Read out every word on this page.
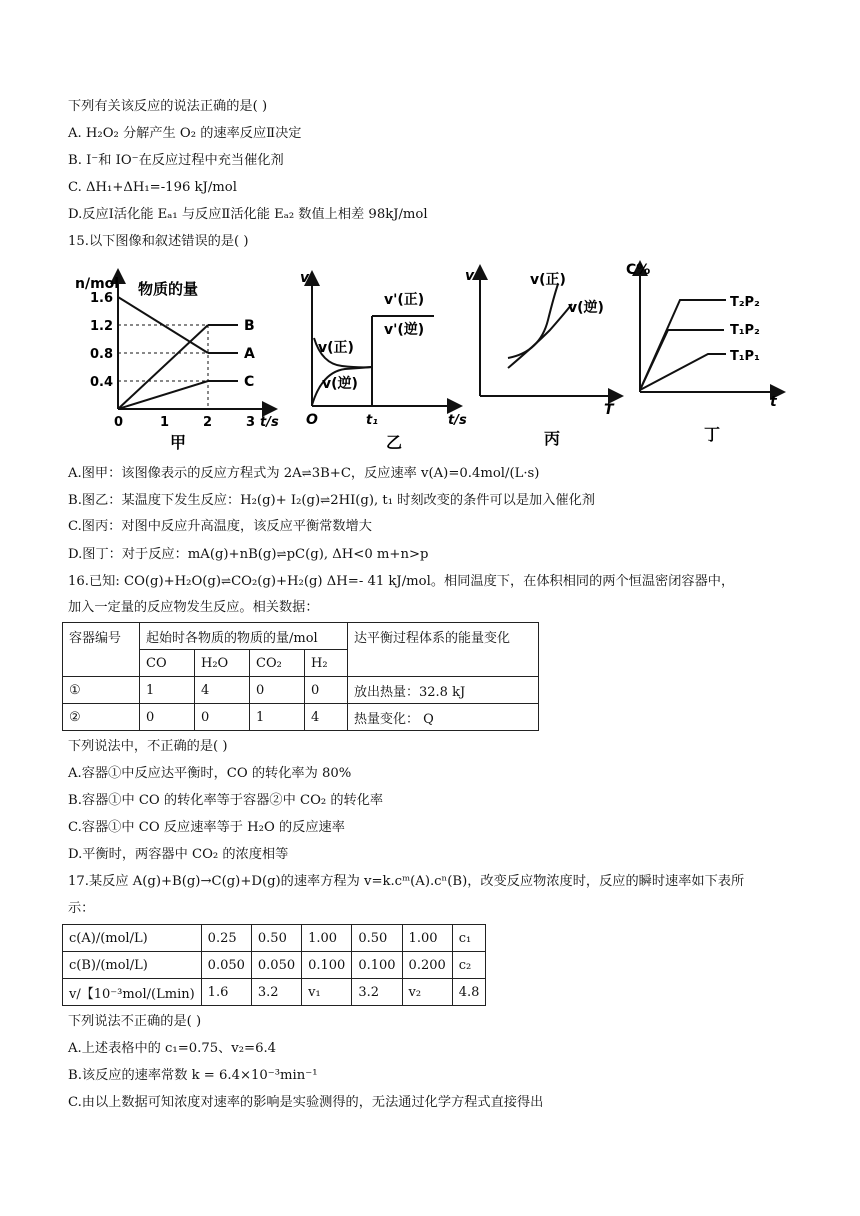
下列有关该反应的说法正确的是( )
A. H₂O₂ 分解产生 O₂ 的速率反应Ⅱ决定
B. I⁻和 IO⁻在反应过程中充当催化剂
C. ΔH₁+ΔH₁=-196 kJ/mol
D.反应Ⅰ活化能 Eₐ₁ 与反应Ⅱ活化能 Eₐ₂ 数值上相差 98kJ/mol
15.以下图像和叙述错误的是( )
n/mol 物质的量
1.6
1.2
0.8
0.4
0	1	2	3 t/s
B
A
C
甲
v
O	t₁	t/s
v(正)
v(逆)
v'(正)
v'(逆)
乙
v
T
v(正)
v(逆)
丙
C%
t
T₂P₂
T₁P₂
T₁P₁
丁
A.图甲：该图像表示的反应方程式为 2A⇌3B+C，反应速率 v(A)=0.4mol/(L·s)
B.图乙：某温度下发生反应：H₂(g)+ I₂(g)⇌2HI(g), t₁ 时刻改变的条件可以是加入催化剂
C.图丙：对图中反应升高温度，该反应平衡常数增大
D.图丁：对于反应：mA(g)+nB(g)⇌pC(g), ΔH<0 m+n>p
16.已知: CO(g)+H₂O(g)⇌CO₂(g)+H₂(g) ΔH=- 41 kJ/mol。相同温度下，在体积相同的两个恒温密闭容器中，
加入一定量的反应物发生反应。相关数据：
容器编号	起始时各物质的物质的量/mol				达平衡过程体系的能量变化
	CO	H₂O	CO₂	H₂	
①	1	4	0	0	放出热量：32.8 kJ
②	0	0	1	4	热量变化： Q
下列说法中，不正确的是( )
A.容器①中反应达平衡时，CO 的转化率为 80%
B.容器①中 CO 的转化率等于容器②中 CO₂ 的转化率
C.容器①中 CO 反应速率等于 H₂O 的反应速率
D.平衡时，两容器中 CO₂ 的浓度相等
17.某反应 A(g)+B(g)→C(g)+D(g)的速率方程为 v=k.cᵐ(A).cⁿ(B)，改变反应物浓度时，反应的瞬时速率如下表所
示：
c(A)/(mol/L)	0.25	0.50	1.00	0.50	1.00	c₁
c(B)/(mol/L)	0.050	0.050	0.100	0.100	0.200	c₂
v/【10⁻³mol/(Lmin)	1.6	3.2	v₁	3.2	v₂	4.8
下列说法不正确的是( )
A.上述表格中的 c₁=0.75、v₂=6.4
B.该反应的速率常数 k = 6.4×10⁻³min⁻¹
C.由以上数据可知浓度对速率的影响是实验测得的，无法通过化学方程式直接得出
